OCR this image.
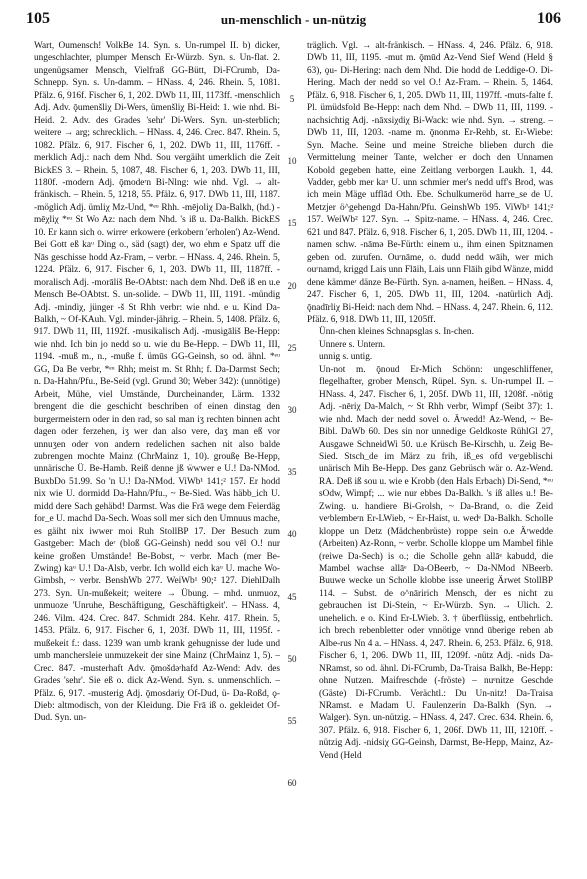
105	un-menschlich - un-nützig	106

Wart, Oumensch! VolkBe 14. Syn. s. Un-rumpel II. b) dicker, ungeschlachter, plumper Mensch Er-Würzb. Syn. s. Un-flat. 2. ungenügsamer Mensch, Vielfraß GG-Bütt, Di-FCrumb, Da-Schnepp. Syn. s. Un-damm. – HNass. 4, 246. Rhein. 5, 1081. Pfälz. 6, 916f. Fischer 6, 1, 202. DWb 11, III, 1173ff. -menschlich Adj. Adv. ǭumenšliχ Di-Wers, ümenšliχ Bi-Heid: 1. wie nhd. Bi-Heid. 2. Adv. des Grades 'sehr' Di-Wers. Syn. un-sterblich; weitere → arg; schrecklich. – HNass. 4, 246. Crec. 847. Rhein. 5, 1082. Pfälz. 6, 917. Fischer 6, 1, 202. DWb 11, III, 1176ff. -merklich Adj.: nach dem Nhd. Sou vergäiht umerklich die Zeit BickES 3. – Rhein. 5, 1087, 48. Fischer 6, 1, 203. DWb 11, III, 1180f. -modern Adj. ǭmodeʳn Bi-Nlng: wie nhd. Vgl. → alt-fränkisch. – Rhein. 5, 1218, 55. Pfälz. 6, 917. DWb 11, III, 1187. -möglich Adj. ümliχ Mz-Und, *ᵉᵘ Rhh. -mējoliχ Da-Balkh, (hd.) -mēχliχ *ᵉᵘ St Wo Az: nach dem Nhd. 's iß u. Da-Balkh. BickES 10. Er kann sich o. wirreʳ erkowere (erkobern 'erholen') Az-Wend. Bei Gott eß kaᵘ Ding o., säd (sagt) der, wo ehm e Spatz uff die Nās geschisse hodd Az-Fram, – verbr. – HNass. 4, 246. Rhein. 5, 1224. Pfälz. 6, 917. Fischer 6, 1, 203. DWb 11, III, 1187ff. -moralisch Adj. -morāliš Be-OAbtst: nach dem Nhd. Deß iß en u.e Mensch Be-OAbtst. S. un-solide. – DWb 11, III, 1191. -mündig Adj. -mindiχ, jünger -š St Rhh verbr: wie nhd. e u. Kind Da-Balkh, ~ Of-KAuh. Vgl. minder-jährig. – Rhein. 5, 1408. Pfälz. 6, 917. DWb 11, III, 1192f. -musikalisch Adj. -musigāliš Be-Hepp: wie nhd. Ich bin jo nedd so u. wie du Be-Hepp. – DWb 11, III, 1194. -muß m., n., -muße f. ümūs GG-Geinsh, so od. ähnl. *ᵉᵘ GG, Da Be verbr, *ᵉᵘ Rhh; meist m. St Rhh; f. Da-Darmst Sech; n. Da-Hahn/Pfu., Be-Seid (vgl. Grund 30; Weber 342): (unnötige) Arbeit, Mühe, viel Umstände, Durcheinander, Lärm. 1332 brengent die die geschicht beschriben of einen dinstag den burgermeistern oder in den rad, so sal man iʒ rechten binnen acht dagen oder ferzehen, iʒ wer dan also vere, daʒ man eß vor unnuʒen oder von andern redelichen sachen nit also balde zubrengen mochte Mainz (ChrMainz 1, 10). groußẹ Be-Hepp, unnärische Ü. Be-Hamb. Reiß denne jß ẅwwer e U.! Da-NMod. BuxbDo 51.99. So 'n U.! Da-NMod. ViWb¹ 141;² 157. Er hodd nix wie U. dormidd Da-Hahn/Pfu., ~ Be-Sied. Was häbb_ich U. midd dere Sach gehäbd! Darmst. Was die Frā wege dem Feierdäg for_e U. machd Da-Sech. Woas soll mer sich den Umnuus mache, es gäiht nix iwwer moi Ruh StollBP 17. Der Besuch zum Gastgeber: Mach deʳ (bloß GG-Geinsh) nedd sou vēl O.! nur keine großen Umstände! Be-Bobst, ~ verbr. Mach (mer Be-Zwing) kaᵘ U.! Da-Alsb, verbr. Ich wolld eich kaᵘ U. mache Wo-Gimbsh, ~ verbr. BenshWb 277. WeiWb¹ 90;² 127. DiehlDalh 273. Syn. Un-mußekeit; weitere → Übung. – mhd. unmuoz, unmuoze 'Unruhe, Beschäftigung, Geschäftigkeit'. – HNass. 4, 246. Vilm. 424. Crec. 847. Schmidt 284. Kehr. 417. Rhein. 5, 1453. Pfälz. 6, 917. Fischer 6, 1, 203f. DWb 11, III, 1195f. -mußekeit f.: dass. 1239 wan umb krank gehugnisse der lude und umb manchersleie unmuzekeit der sine Mainz (ChrMainz 1, 5). – Crec. 847. -musterhaft Adv. ǭmošdəʳhafd Az-Wend: Adv. des Grades 'sehr'. Sie eß o. dick Az-Wend. Syn. s. unmenschlich. – Pfälz. 6, 917. -musterig Adj. ǭmosdəriχ Of-Dud, ü- Da-Roßd, ǫ- Dieb: altmodisch, von der Kleidung. Die Frā iß o. gekleidet Of-Dud. Syn. un-

5
10
15
20
25
30
35
40
45
50
55
60

träglich. Vgl. → alt-fränkisch. – HNass. 4, 246. Pfälz. 6, 918. DWb 11, III, 1195. -mut m. ǭmūd Az-Vend Sief Wend (Held § 63), ǫu- Di-Hering: nach dem Nhd. Die hodd de Leddige-O. Di-Hering. Mach der nedd so vel O.! Az-Fram. – Rhein. 5, 1464. Pfälz. 6, 918. Fischer 6, 1, 205. DWb 11, III, 1197ff. -muts-falte f. Pl. ümüdsfold Be-Hepp: nach dem Nhd. – DWb 11, III, 1199. -nachsichtig Adj. -nāxsiχdiχ Bi-Wack: wie nhd. Syn. → streng. – DWb 11, III, 1203. -name m. ǭnonmə Er-Rehb, st. Er-Wiebe: Syn. Mache. Seine und meine Streiche blieben durch die Vermittelung meiner Tante, welcher er doch den Unnamen Kobold gegeben hatte, eine Zeitlang verborgen Laukh. 1, 44. Vadder, gebb mer kaᵘ U. unn schmier mer's nedd uff's Brod, was ich mein Mäge ufflād Oth. Ebe. Schulkumeröd harre_se de U. Metzjer ö^gehengd Da-Hahn/Pfu. GeinshWb 195. ViWb¹ 141;² 157. WeiWb² 127. Syn. → Spitz-name. – HNass. 4, 246. Crec. 621 und 847. Pfälz. 6, 918. Fischer 6, 1, 205. DWb 11, III, 1204. -namen schw. -nāmə Be-Fürth: einem u., ihm einen Spitznamen geben od. zurufen. Ouʳnāme, o. dudd nedd wāih, wer mich ouʳnamd, kriggd Lais unn Flāih, Lais unn Flāih gibd Wänze, midd dene kämmeʳ dänze Be-Fürth. Syn. a-namen, heißen. – HNass. 4, 247. Fischer 6, 1, 205. DWb 11, III, 1204. -natürlich Adj. ǭnadīrliχ Bi-Heid: nach dem Nhd. – HNass. 4, 247. Rhein. 6, 112. Pfälz. 6, 918. DWb 11, III, 1205ff.

Ünn-chen kleines Schnapsglas s. In-chen.

Unnere s. Untern.

unnig s. untig.

Un-not m. ǭnoud Er-Mich Schönn: ungeschliffener, flegelhafter, grober Mensch, Rüpel. Syn. s. Un-rumpel II. – HNass. 4, 247. Fischer 6, 1, 205f. DWb 11, III, 1208f. -nötig Adj. -nēriχ Da-Malch, ~ St Rhh verbr, Wimpf (Seibt 37): 1. wie nhd. Mach der nedd sovel o. Äʳwedd! Az-Wend, ~ Be-Bibl. DaWb 60. Des sin nor unnedige Geldkoste RühlGl 27, Ausgawe SchneidWi 50. u.e Krüsch Be-Kirschh, u. Zeig Be-Sied. Stsch_de im März zu frih, iß_es ofd veʳgeblischi unärisch Mih Be-Hepp. Des ganz Gebrüsch wär o. Az-Wend. RA. Deß iß sou u. wie e Krobb (den Hals Erbach) Di-Send, *ᵉᵘ sOdw, Wimpf; ... wie nur ebbes Da-Balkh. 's iß alles u.! Be-Zwing. u. handiere Bi-Grolsh, ~ Da-Brand, o. die Zeid veʳblembeʳn Er-LWieb, ~ Er-Haist, u. wedᵉ Da-Balkh. Scholle kloppe un Detz (Mädchenbrüste) roppe sein o.e Äʳwedde (Arbeiten) Az-Ronn, ~ verbr. Scholle kloppe um Mambel fihle (reiwe Da-Sech) is o.; die Scholle gehn allāᵉ kabudd, die Mambel wachse allāᵉ Da-OBeerb, ~ Da-NMod NBeerb. Buuwe wecke un Scholle klobbe isse uneerig Ärwet StollBP 114. – Subst. de o^nāririch Mensch, der es nicht zu gebrauchen ist Di-Stein, ~ Er-Würzb. Syn. → Ulich. 2. unehelich. e o. Kind Er-LWieb. 3. † überflüssig, entbehrlich. ich brech rebenbletter oder vnnötige vnnd ūberige reben ab Albe-rus Nn 4 a. – HNass. 4, 247. Rhein. 6, 253. Pfälz. 6, 918. Fischer 6, 1, 206. DWb 11, III, 1209f. -nütz Adj. -nids Da-NRamst, so od. ähnl. Di-FCrumb, Da-Traisa Balkh, Be-Hepp: ohne Nutzen. Maifreschde (-fröste) – nuᵉnitze Geschde (Gäste) Di-FCrumb. Verächtl.: Du Un-nitz! Da-Traisa NRamst. e Madam U. Faulenzerin Da-Balkh (Syn. → Walger). Syn. un-nützig. – HNass. 4, 247. Crec. 634. Rhein. 6, 307. Pfälz. 6, 918. Fischer 6, 1, 206f. DWb 11, III, 1210ff. -nützig Adj. -nidsiχ GG-Geinsh, Darmst, Be-Hepp, Mainz, Az-Vend (Held
